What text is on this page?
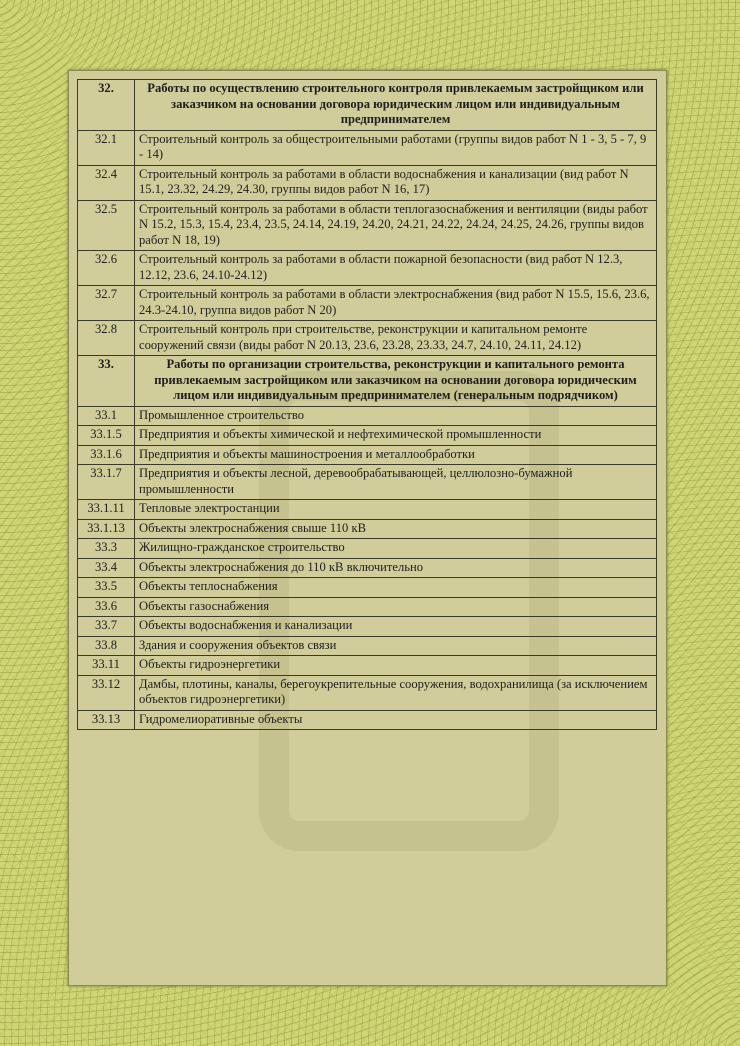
32.	Работы по осуществлению строительного контроля привлекаемым застройщиком или заказчиком на основании договора юридическим лицом или индивидуальным предпринимателем
32.1	Строительный контроль за общестроительными работами (группы видов работ N 1 - 3, 5 - 7, 9 - 14)
32.4	Строительный контроль за работами в области водоснабжения и канализации (вид работ N 15.1, 23.32, 24.29, 24.30, группы видов работ N 16, 17)
32.5	Строительный контроль за работами в области теплогазоснабжения и вентиляции (виды работ N 15.2, 15.3, 15.4, 23.4, 23.5, 24.14, 24.19, 24.20, 24.21, 24.22, 24.24, 24.25, 24.26, группы видов работ N 18, 19)
32.6	Строительный контроль за работами в области пожарной безопасности (вид работ N 12.3, 12.12, 23.6, 24.10-24.12)
32.7	Строительный контроль за работами в области электроснабжения (вид работ N 15.5, 15.6, 23.6, 24.3-24.10, группа видов работ N 20)
32.8	Строительный контроль при строительстве, реконструкции и капитальном ремонте сооружений связи (виды работ N 20.13, 23.6, 23.28, 23.33, 24.7, 24.10, 24.11, 24.12)
33.	Работы по организации строительства, реконструкции и капитального ремонта привлекаемым застройщиком или заказчиком на основании договора юридическим лицом или индивидуальным предпринимателем (генеральным подрядчиком)
33.1	Промышленное строительство
33.1.5	Предприятия и объекты химической и нефтехимической промышленности
33.1.6	Предприятия и объекты машиностроения и металлообработки
33.1.7	Предприятия и объекты лесной, деревообрабатывающей, целлюлозно-бумажной промышленности
33.1.11	Тепловые электростанции
33.1.13	Объекты электроснабжения свыше 110 кВ
33.3	Жилищно-гражданское строительство
33.4	Объекты электроснабжения до 110 кВ включительно
33.5	Объекты теплоснабжения
33.6	Объекты газоснабжения
33.7	Объекты водоснабжения и канализации
33.8	Здания и сооружения объектов связи
33.11	Объекты гидроэнергетики
33.12	Дамбы, плотины, каналы, берегоукрепительные сооружения, водохранилища (за исключением объектов гидроэнергетики)
33.13	Гидромелиоративные объекты
